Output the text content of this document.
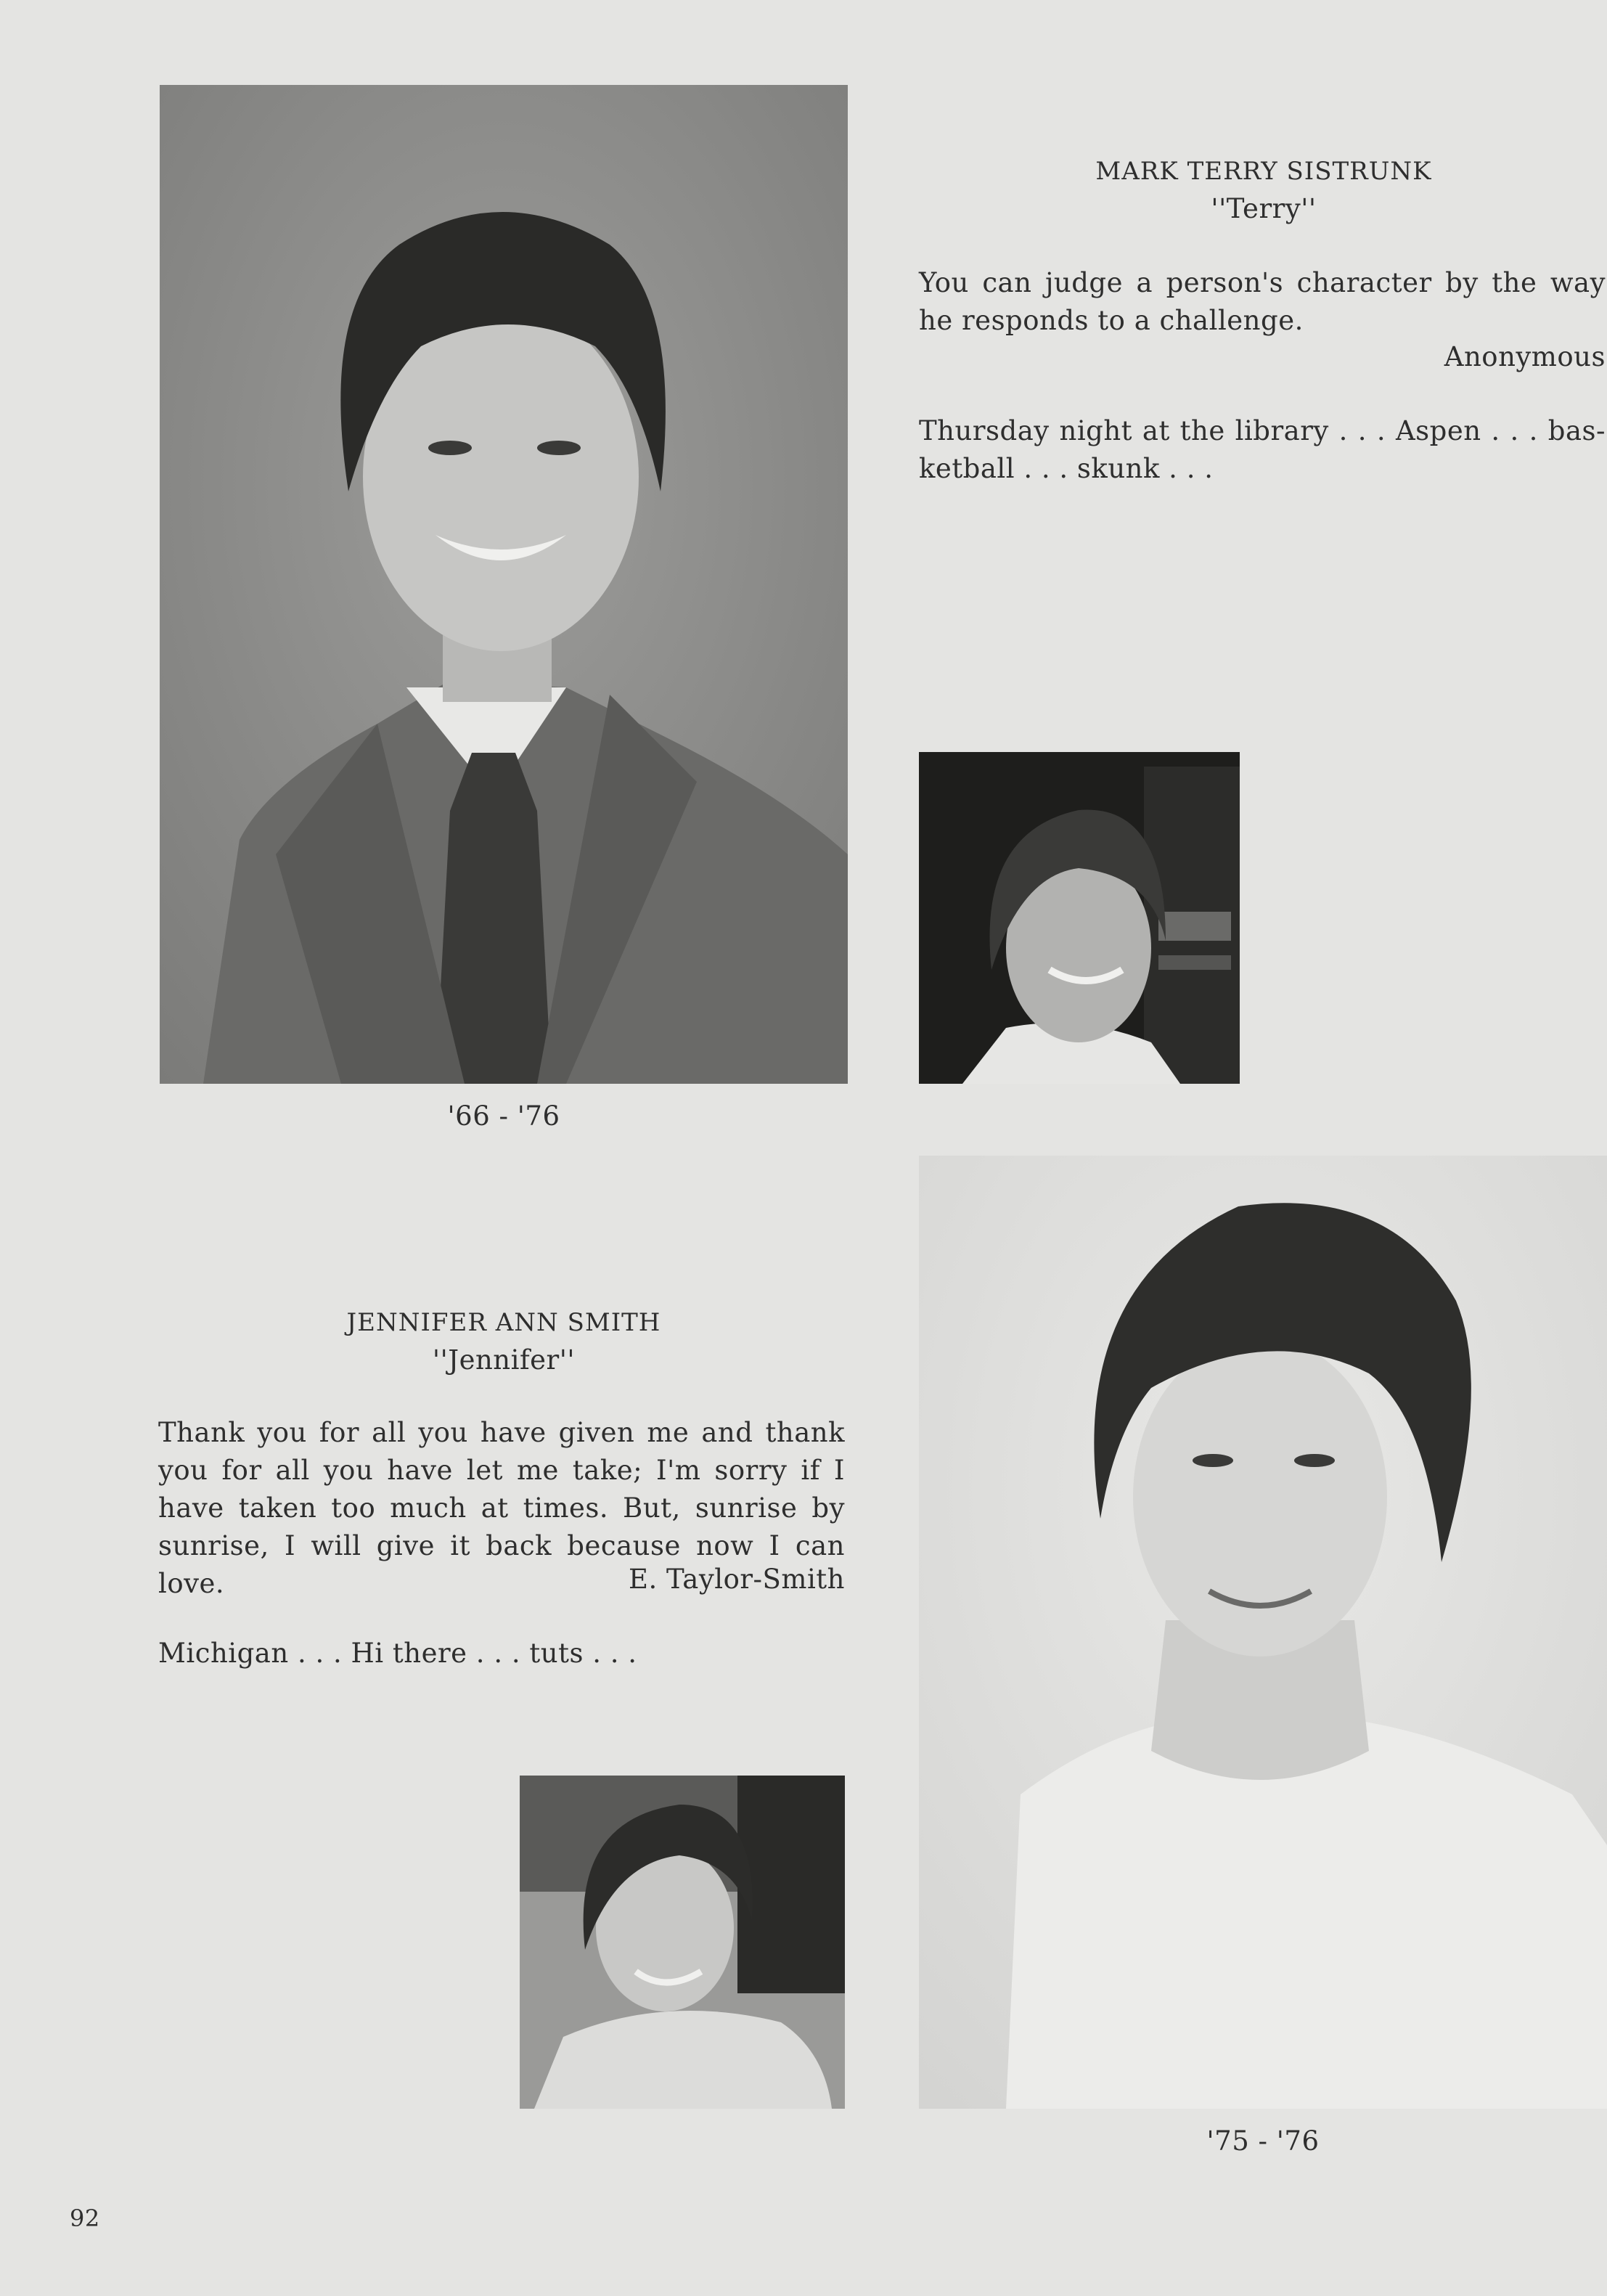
'66 - '76
MARK TERRY SISTRUNK
''Terry''
You can judge a person's character by the way he responds to a challenge.
Anonymous
Thursday night at the library . . . Aspen . . . bas- ketball . . . skunk . . .
'75 - '76
JENNIFER ANN SMITH
''Jennifer''
Thank you for all you have given me and thank you for all you have let me take; I'm sorry if I have taken too much at times. But, sunrise by sunrise, I will give it back because now I can love.	E. Taylor-Smith
Michigan . . . Hi there . . . tuts . . .
92
